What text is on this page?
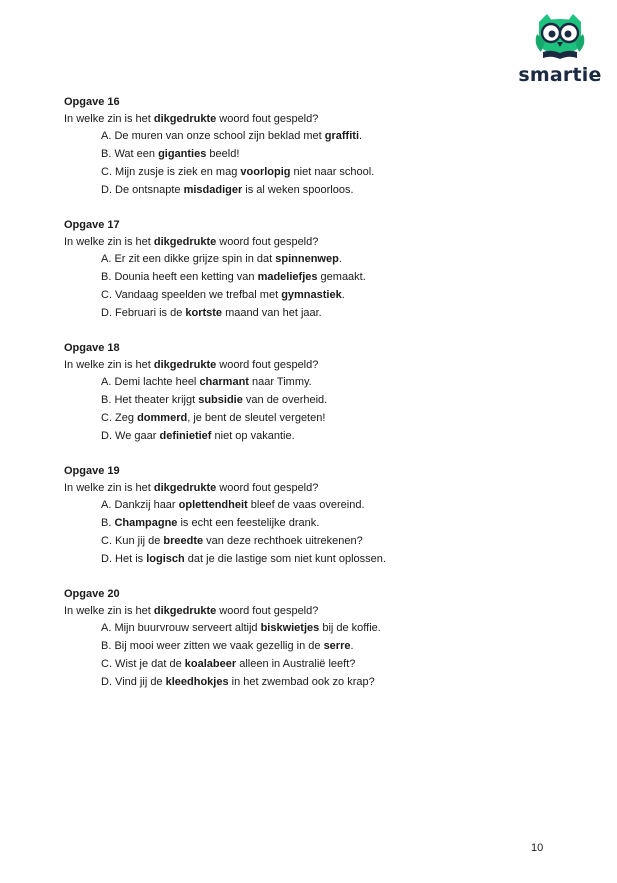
smartie
Opgave 16
In welke zin is het dikgedrukte woord fout gespeld?
A. De muren van onze school zijn beklad met graffiti.
B. Wat een giganties beeld!
C. Mijn zusje is ziek en mag voorlopig niet naar school.
D. De ontsnapte misdadiger is al weken spoorloos.
Opgave 17
In welke zin is het dikgedrukte woord fout gespeld?
A. Er zit een dikke grijze spin in dat spinnenwep.
B. Dounia heeft een ketting van madeliefjes gemaakt.
C. Vandaag speelden we trefbal met gymnastiek.
D. Februari is de kortste maand van het jaar.
Opgave 18
In welke zin is het dikgedrukte woord fout gespeld?
A. Demi lachte heel charmant naar Timmy.
B. Het theater krijgt subsidie van de overheid.
C. Zeg dommerd, je bent de sleutel vergeten!
D. We gaar definietief niet op vakantie.
Opgave 19
In welke zin is het dikgedrukte woord fout gespeld?
A. Dankzij haar oplettendheit bleef de vaas overeind.
B. Champagne is echt een feestelijke drank.
C. Kun jij de breedte van deze rechthoek uitrekenen?
D. Het is logisch dat je die lastige som niet kunt oplossen.
Opgave 20
In welke zin is het dikgedrukte woord fout gespeld?
A. Mijn buurvrouw serveert altijd biskwietjes bij de koffie.
B. Bij mooi weer zitten we vaak gezellig in de serre.
C. Wist je dat de koalabeer alleen in Australië leeft?
D. Vind jij de kleedhokjes in het zwembad ook zo krap?
10
